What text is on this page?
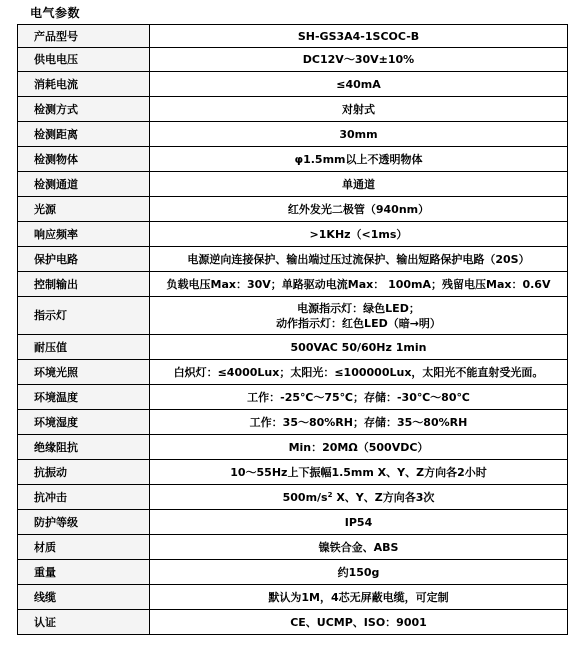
电气参数
产品型号	SH-GS3A4-1SCOC-B
供电电压	DC12V～30V±10%
消耗电流	≤40mA
检测方式	对射式
检测距离	30mm
检测物体	φ1.5mm以上不透明物体
检测通道	单通道
光源	红外发光二极管（940nm）
响应频率	>1KHz（<1ms）
保护电路	电源逆向连接保护、输出端过压过流保护、输出短路保护电路（20S）
控制输出	负载电压Max：30V；单路驱动电流Max： 100mA；残留电压Max：0.6V
指示灯	电源指示灯：绿色LED；
动作指示灯：红色LED（暗→明）

耐压值	500VAC 50/60Hz 1min
环境光照	白炽灯：≤4000Lux；太阳光：≤100000Lux，太阳光不能直射受光面。
环境温度	工作：-25℃～75℃；存储：-30℃～80℃
环境湿度	工作：35～80%RH；存储：35～80%RH
绝缘阻抗	Min：20MΩ（500VDC）
抗振动	10～55Hz上下振幅1.5mm X、Y、Z方向各2小时
抗冲击	$500m/s^2$ X、Y、Z方向各3次
防护等级	IP54
材质	镍铁合金、ABS
重量	约150g
线缆	默认为1M，4芯无屏蔽电缆，可定制
认证	CE、UCMP、ISO：9001
